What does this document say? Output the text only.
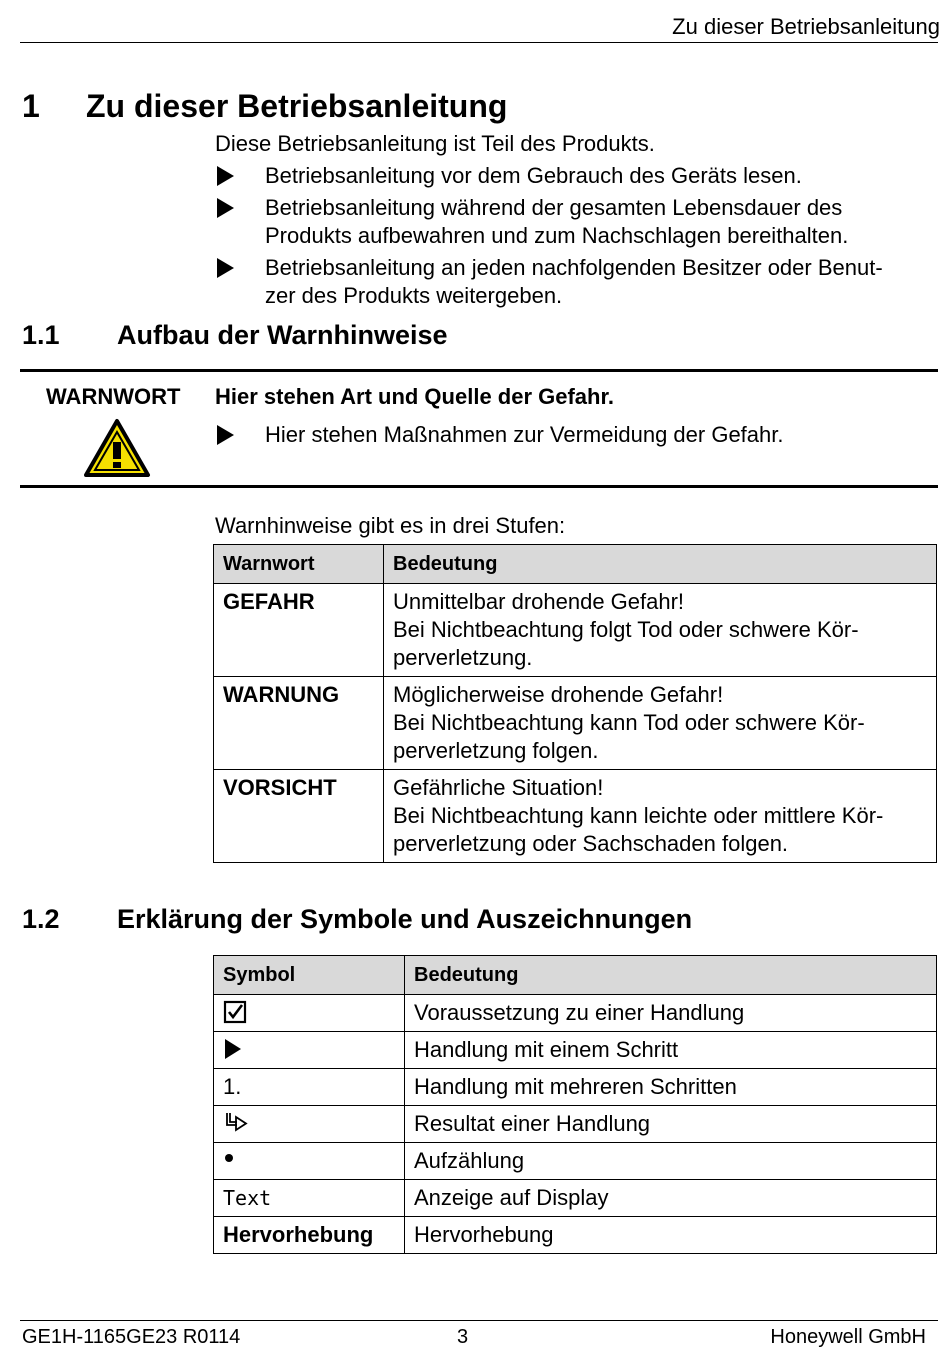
Zu dieser Betriebsanleitung
1 Zu dieser Betriebsanleitung
Diese Betriebsanleitung ist Teil des Produkts.
Betriebsanleitung vor dem Gebrauch des Geräts lesen.
Betriebsanleitung während der gesamten Lebensdauer des
Produkts aufbewahren und zum Nachschlagen bereithalten.
Betriebsanleitung an jeden nachfolgenden Besitzer oder Benut-
zer des Produkts weitergeben.
1.1 Aufbau der Warnhinweise
WARNWORT Hier stehen Art und Quelle der Gefahr.
Hier stehen Maßnahmen zur Vermeidung der Gefahr.
Warnhinweise gibt es in drei Stufen:
Warnwort	Bedeutung
GEFAHR	Unmittelbar drohende Gefahr!
Bei Nichtbeachtung folgt Tod oder schwere Kör-
perverletzung.

WARNUNG	Möglicherweise drohende Gefahr!
Bei Nichtbeachtung kann Tod oder schwere Kör-
perverletzung folgen.

VORSICHT	Gefährliche Situation!
Bei Nichtbeachtung kann leichte oder mittlere Kör-
perverletzung oder Sachschaden folgen.
1.2 Erklärung der Symbole und Auszeichnungen
Symbol	Bedeutung
	Voraussetzung zu einer Handlung
	Handlung mit einem Schritt
1.	Handlung mit mehreren Schritten
	Resultat einer Handlung
	Aufzählung
Text	Anzeige auf Display
Hervorhebung	Hervorhebung
GE1H-1165GE23 R0114	3	Honeywell GmbH
